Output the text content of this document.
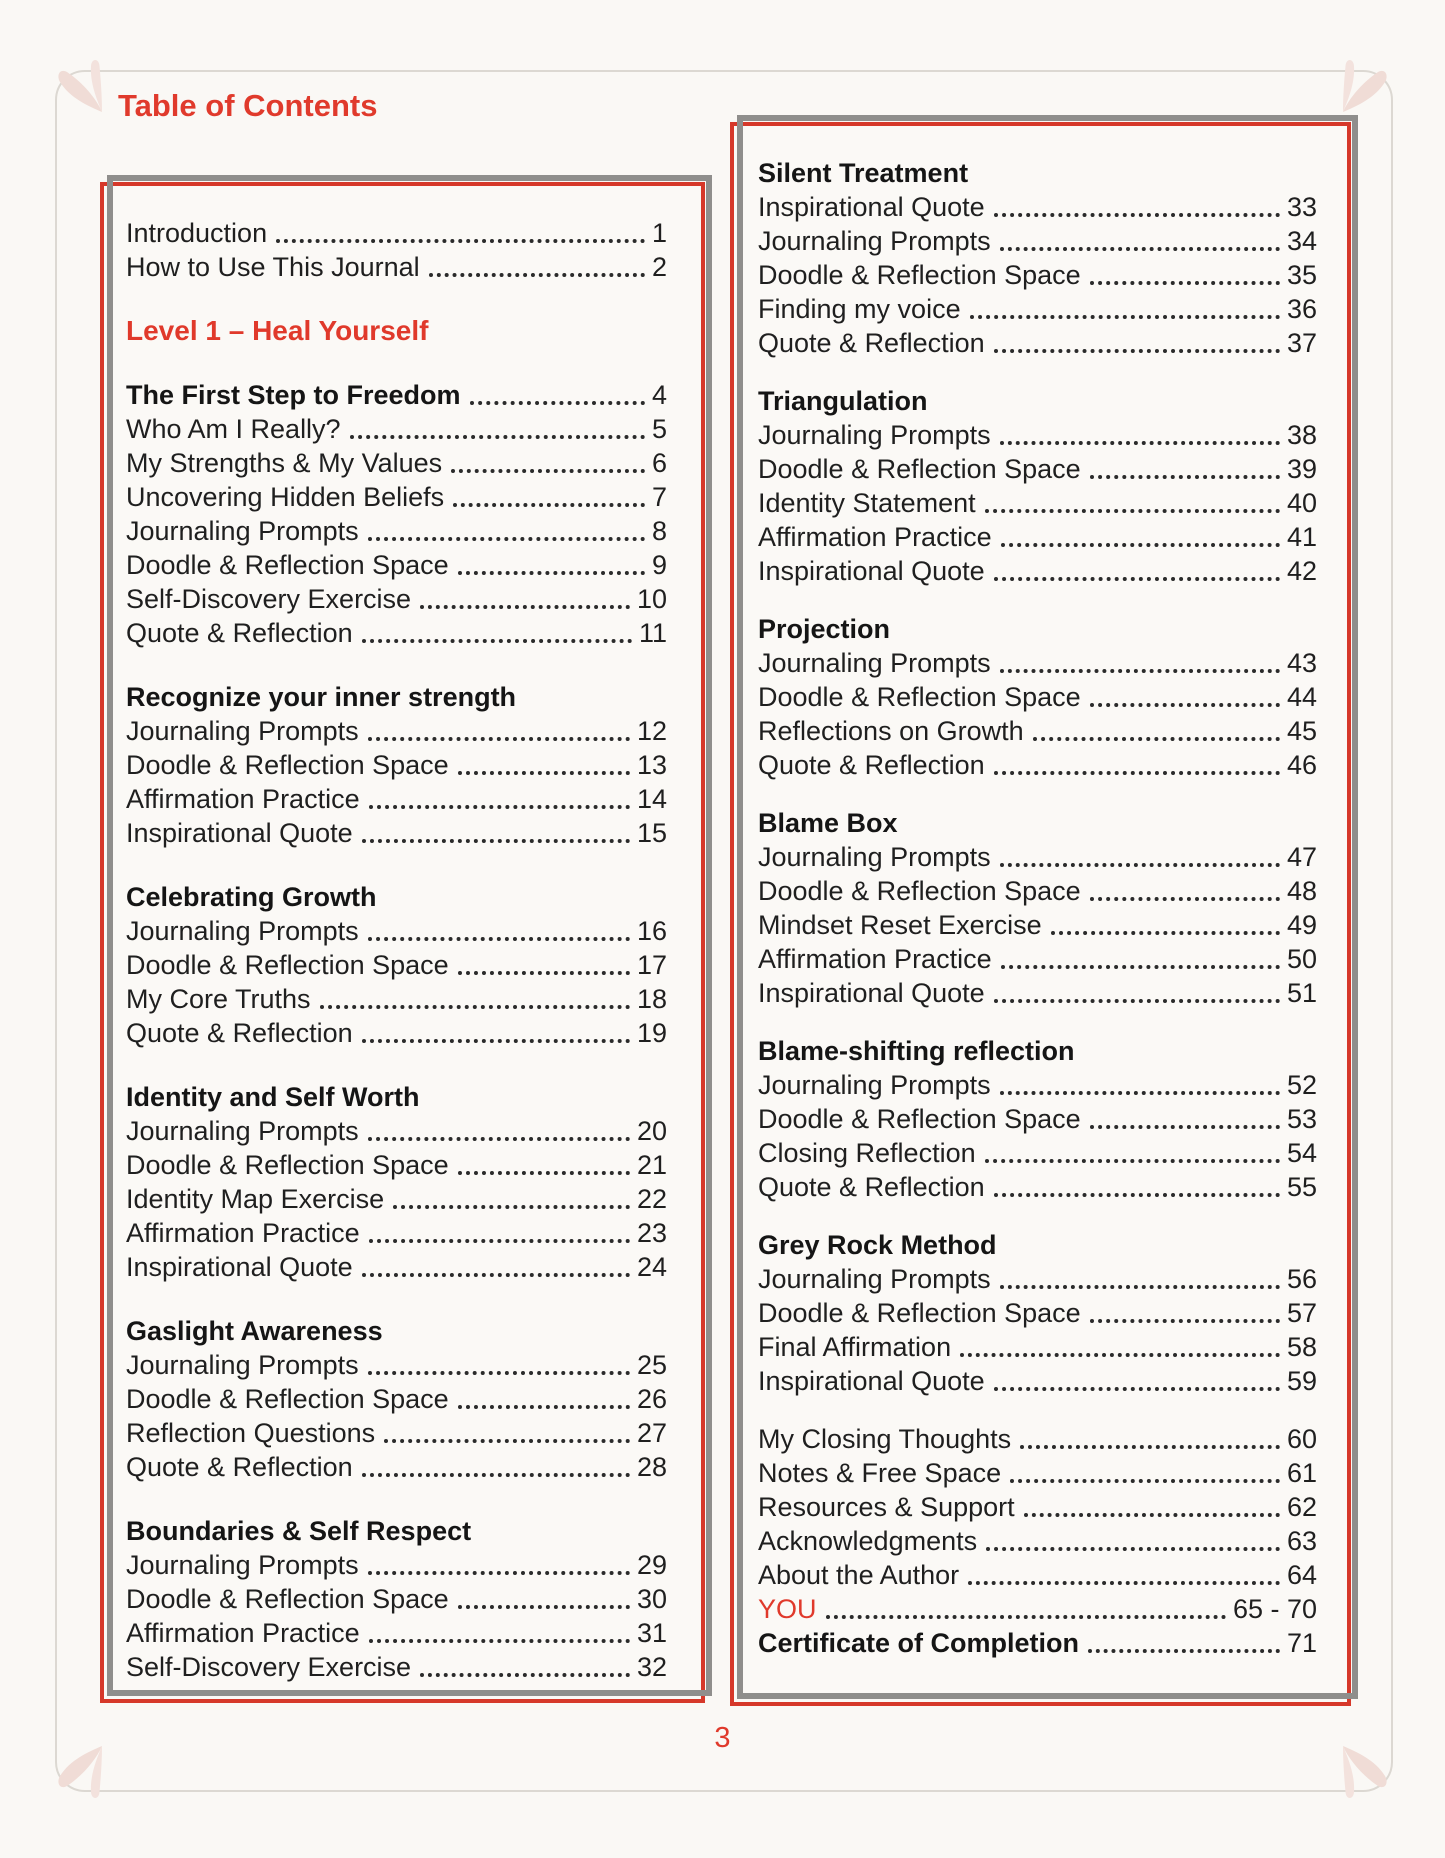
Table of Contents
Introduction	1
How to Use This Journal	2
Level 1 – Heal Yourself
The First Step to Freedom	4
Who Am I Really?	5
My Strengths & My Values	6
Uncovering Hidden Beliefs	7
Journaling Prompts	8
Doodle & Reflection Space	9
Self-Discovery Exercise	10
Quote & Reflection	11
Recognize your inner strength
Journaling Prompts	12
Doodle & Reflection Space	13
Affirmation Practice	14
Inspirational Quote	15
Celebrating Growth
Journaling Prompts	16
Doodle & Reflection Space	17
My Core Truths	18
Quote & Reflection	19
Identity and Self Worth
Journaling Prompts	20
Doodle & Reflection Space	21
Identity Map Exercise	22
Affirmation Practice	23
Inspirational Quote	24
Gaslight Awareness
Journaling Prompts	25
Doodle & Reflection Space	26
Reflection Questions	27
Quote & Reflection	28
Boundaries & Self Respect
Journaling Prompts	29
Doodle & Reflection Space	30
Affirmation Practice	31
Self-Discovery Exercise	32
Silent Treatment
Inspirational Quote	33
Journaling Prompts	34
Doodle & Reflection Space	35
Finding my voice	36
Quote & Reflection	37
Triangulation
Journaling Prompts	38
Doodle & Reflection Space	39
Identity Statement	40
Affirmation Practice	41
Inspirational Quote	42
Projection
Journaling Prompts	43
Doodle & Reflection Space	44
Reflections on Growth	45
Quote & Reflection	46
Blame Box
Journaling Prompts	47
Doodle & Reflection Space	48
Mindset Reset Exercise	49
Affirmation Practice	50
Inspirational Quote	51
Blame-shifting reflection
Journaling Prompts	52
Doodle & Reflection Space	53
Closing Reflection	54
Quote & Reflection	55
Grey Rock Method
Journaling Prompts	56
Doodle & Reflection Space	57
Final Affirmation	58
Inspirational Quote	59
My Closing Thoughts	60
Notes & Free Space	61
Resources & Support	62
Acknowledgments	63
About the Author	64
YOU	65 - 70
Certificate of Completion	71
3
